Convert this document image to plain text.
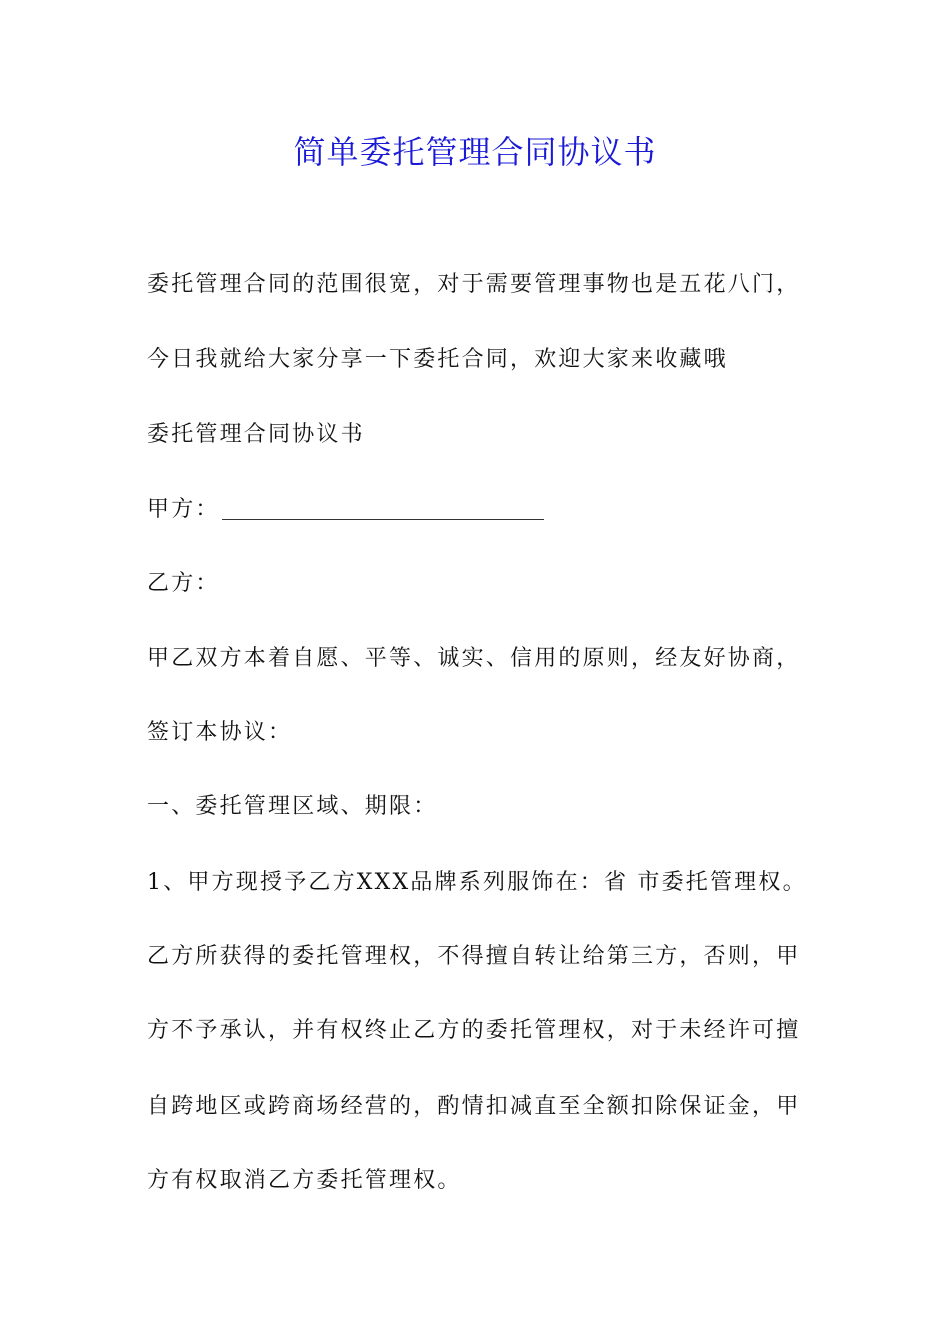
简单委托管理合同协议书
委托管理合同的范围很宽，对于需要管理事物也是五花八门，
今日我就给大家分享一下委托合同，欢迎大家来收藏哦
委托管理合同协议书
甲方：
乙方：
甲乙双方本着自愿、平等、诚实、信用的原则，经友好协商，
签订本协议：
一、委托管理区域、期限：
1、甲方现授予乙方XXX品牌系列服饰在：省 市委托管理权。
乙方所获得的委托管理权，不得擅自转让给第三方，否则，甲
方不予承认，并有权终止乙方的委托管理权，对于未经许可擅
自跨地区或跨商场经营的，酌情扣减直至全额扣除保证金，甲
方有权取消乙方委托管理权。
